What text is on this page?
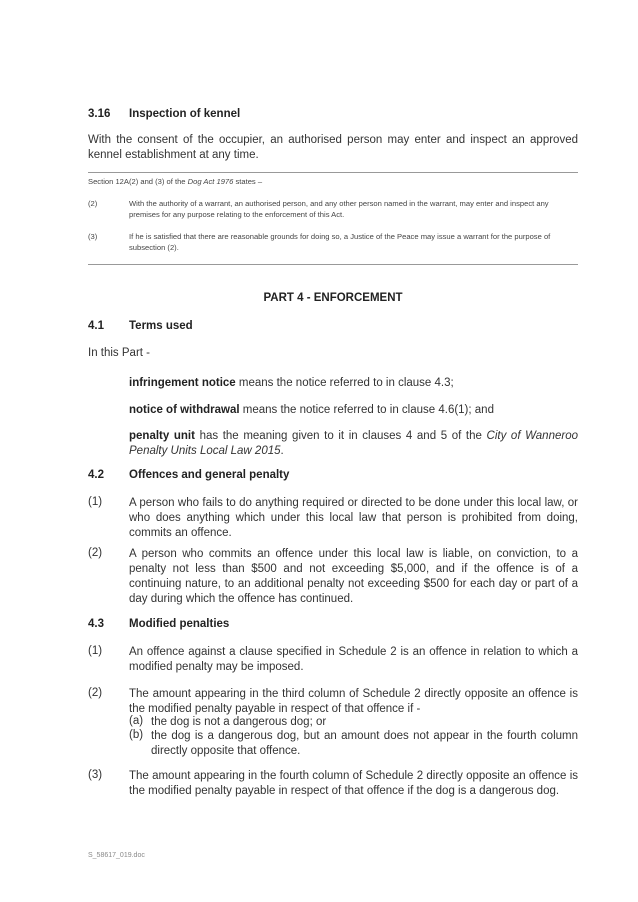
3.16 Inspection of kennel
With the consent of the occupier, an authorised person may enter and inspect an approved kennel establishment at any time.
Section 12A(2) and (3) of the Dog Act 1976 states –
(2)	With the authority of a warrant, an authorised person, and any other person named in the warrant, may enter and inspect any premises for any purpose relating to the enforcement of this Act.
(3)	If he is satisfied that there are reasonable grounds for doing so, a Justice of the Peace may issue a warrant for the purpose of subsection (2).
PART 4 - ENFORCEMENT
4.1 Terms used
In this Part -
infringement notice means the notice referred to in clause 4.3;
notice of withdrawal means the notice referred to in clause 4.6(1); and
penalty unit has the meaning given to it in clauses 4 and 5 of the City of Wanneroo Penalty Units Local Law 2015.
4.2 Offences and general penalty
(1) A person who fails to do anything required or directed to be done under this local law, or who does anything which under this local law that person is prohibited from doing, commits an offence.
(2) A person who commits an offence under this local law is liable, on conviction, to a penalty not less than $500 and not exceeding $5,000, and if the offence is of a continuing nature, to an additional penalty not exceeding $500 for each day or part of a day during which the offence has continued.
4.3 Modified penalties
(1) An offence against a clause specified in Schedule 2 is an offence in relation to which a modified penalty may be imposed.
(2) The amount appearing in the third column of Schedule 2 directly opposite an offence is the modified penalty payable in respect of that offence if -
(a) the dog is not a dangerous dog; or
(b) the dog is a dangerous dog, but an amount does not appear in the fourth column directly opposite that offence.
(3) The amount appearing in the fourth column of Schedule 2 directly opposite an offence is the modified penalty payable in respect of that offence if the dog is a dangerous dog.
S_58617_019.doc
